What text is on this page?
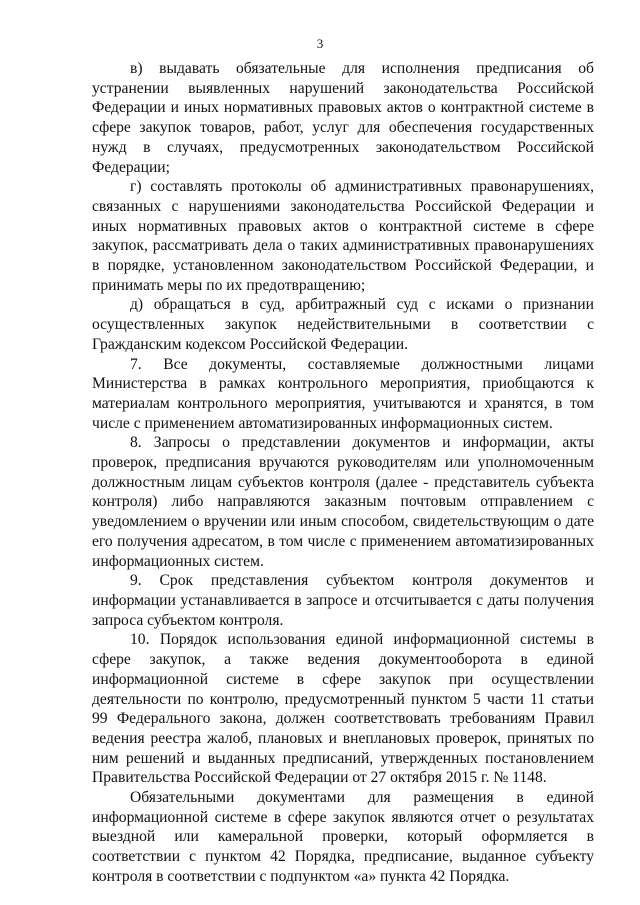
3

в) выдавать обязательные для исполнения предписания об устранении выявленных нарушений законодательства Российской Федерации и иных нормативных правовых актов о контрактной системе в сфере закупок товаров, работ, услуг для обеспечения государственных нужд в случаях, предусмотренных законодательством Российской Федерации;

г) составлять протоколы об административных правонарушениях, связанных с нарушениями законодательства Российской Федерации и иных нормативных правовых актов о контрактной системе в сфере закупок, рассматривать дела о таких административных правонарушениях в порядке, установленном законодательством Российской Федерации, и принимать меры по их предотвращению;

д) обращаться в суд, арбитражный суд с исками о признании осуществленных закупок недействительными в соответствии с Гражданским кодексом Российской Федерации.

7. Все документы, составляемые должностными лицами Министерства в рамках контрольного мероприятия, приобщаются к материалам контрольного мероприятия, учитываются и хранятся, в том числе с применением автоматизированных информационных систем.

8. Запросы о представлении документов и информации, акты проверок, предписания вручаются руководителям или уполномоченным должностным лицам субъектов контроля (далее - представитель субъекта контроля) либо направляются заказным почтовым отправлением с уведомлением о вручении или иным способом, свидетельствующим о дате его получения адресатом, в том числе с применением автоматизированных информационных систем.

9. Срок представления субъектом контроля документов и информации устанавливается в запросе и отсчитывается с даты получения запроса субъектом контроля.

10. Порядок использования единой информационной системы в сфере закупок, а также ведения документооборота в единой информационной системе в сфере закупок при осуществлении деятельности по контролю, предусмотренный пунктом 5 части 11 статьи 99 Федерального закона, должен соответствовать требованиям Правил ведения реестра жалоб, плановых и внеплановых проверок, принятых по ним решений и выданных предписаний, утвержденных постановлением Правительства Российской Федерации от 27 октября 2015 г. № 1148.

Обязательными документами для размещения в единой информационной системе в сфере закупок являются отчет о результатах выездной или камеральной проверки, который оформляется в соответствии с пунктом 42 Порядка, предписание, выданное субъекту контроля в соответствии с подпунктом «а» пункта 42 Порядка.
